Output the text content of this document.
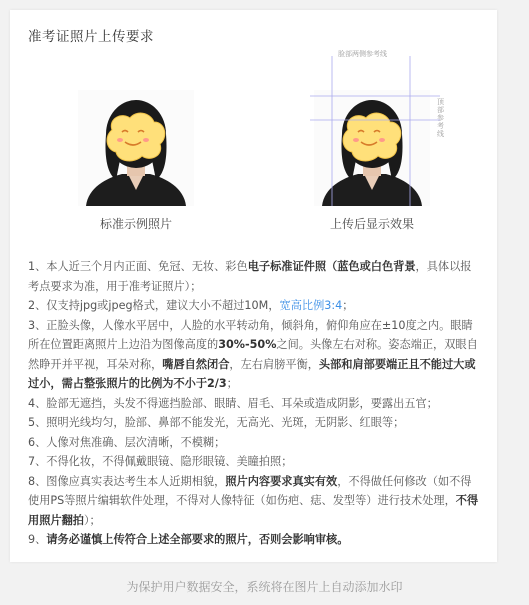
准考证照片上传要求
脸部两侧参考线
顶部参考线
标准示例照片	上传后显示效果

1、本人近三个月内正面、免冠、无妆、彩色电子标准证件照（蓝色或白色背景，具体以报考点要求为准，用于准考证照片）；

2、仅支持jpg或jpeg格式，建议大小不超过10M，宽高比例3:4；

3、正脸头像，人像水平居中，人脸的水平转动角，倾斜角，俯仰角应在±10度之内。眼睛所在位置距离照片上边沿为图像高度的30%-50%之间。头像左右对称。姿态端正，双眼自然睁开并平视，耳朵对称，嘴唇自然闭合，左右肩膀平衡，头部和肩部要端正且不能过大或过小，需占整张照片的比例为不小于2/3；

4、脸部无遮挡，头发不得遮挡脸部、眼睛、眉毛、耳朵或造成阴影，要露出五官；

5、照明光线均匀，脸部、鼻部不能发光，无高光、光斑，无阴影、红眼等；

6、人像对焦准确、层次清晰，不模糊；

7、不得化妆，不得佩戴眼镜、隐形眼镜、美瞳拍照；

8、图像应真实表达考生本人近期相貌，照片内容要求真实有效，不得做任何修改（如不得使用PS等照片编辑软件处理，不得对人像特征（如伤疤、痣、发型等）进行技术处理，不得用照片翻拍）；

9、请务必谨慎上传符合上述全部要求的照片，否则会影响审核。

为保护用户数据安全，系统将在图片上自动添加水印
